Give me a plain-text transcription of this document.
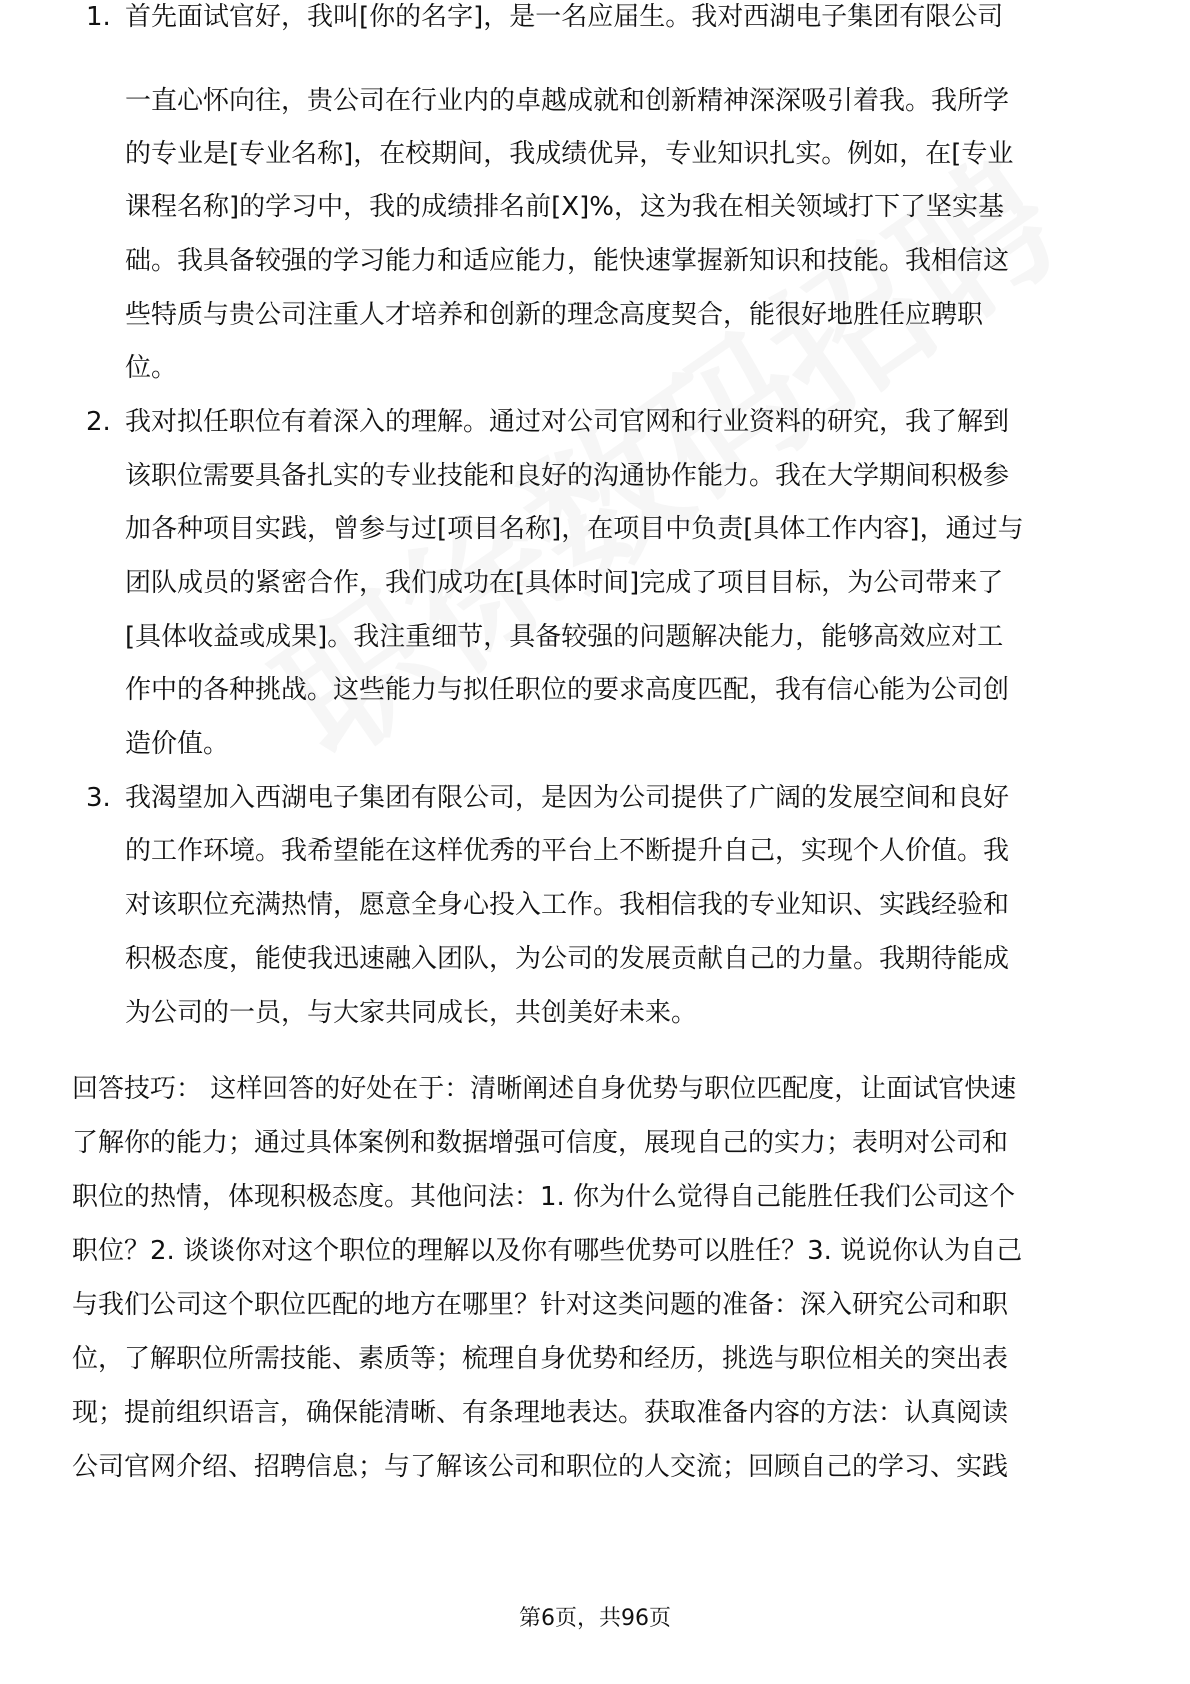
1. 首先面试官好，我叫[你的名字]，是一名应届生。我对西湖电子集团有限公司
一直心怀向往，贵公司在行业内的卓越成就和创新精神深深吸引着我。我所学
的专业是[专业名称]，在校期间，我成绩优异，专业知识扎实。例如，在[专业
课程名称]的学习中，我的成绩排名前[X]%，这为我在相关领域打下了坚实基
础。我具备较强的学习能力和适应能力，能快速掌握新知识和技能。我相信这
些特质与贵公司注重人才培养和创新的理念高度契合，能很好地胜任应聘职
位。
2. 我对拟任职位有着深入的理解。通过对公司官网和行业资料的研究，我了解到
该职位需要具备扎实的专业技能和良好的沟通协作能力。我在大学期间积极参
加各种项目实践，曾参与过[项目名称]，在项目中负责[具体工作内容]，通过与
团队成员的紧密合作，我们成功在[具体时间]完成了项目目标，为公司带来了
[具体收益或成果]。我注重细节，具备较强的问题解决能力，能够高效应对工
作中的各种挑战。这些能力与拟任职位的要求高度匹配，我有信心能为公司创
造价值。
3. 我渴望加入西湖电子集团有限公司，是因为公司提供了广阔的发展空间和良好
的工作环境。我希望能在这样优秀的平台上不断提升自己，实现个人价值。我
对该职位充满热情，愿意全身心投入工作。我相信我的专业知识、实践经验和
积极态度，能使我迅速融入团队，为公司的发展贡献自己的力量。我期待能成
为公司的一员，与大家共同成长，共创美好未来。
回答技巧： 这样回答的好处在于：清晰阐述自身优势与职位匹配度，让面试官快速
了解你的能力；通过具体案例和数据增强可信度，展现自己的实力；表明对公司和
职位的热情，体现积极态度。其他问法：1. 你为什么觉得自己能胜任我们公司这个
职位？2. 谈谈你对这个职位的理解以及你有哪些优势可以胜任？3. 说说你认为自己
与我们公司这个职位匹配的地方在哪里？针对这类问题的准备：深入研究公司和职
位，了解职位所需技能、素质等；梳理自身优势和经历，挑选与职位相关的突出表
现；提前组织语言，确保能清晰、有条理地表达。获取准备内容的方法：认真阅读
公司官网介绍、招聘信息；与了解该公司和职位的人交流；回顾自己的学习、实践
第6页，共96页
